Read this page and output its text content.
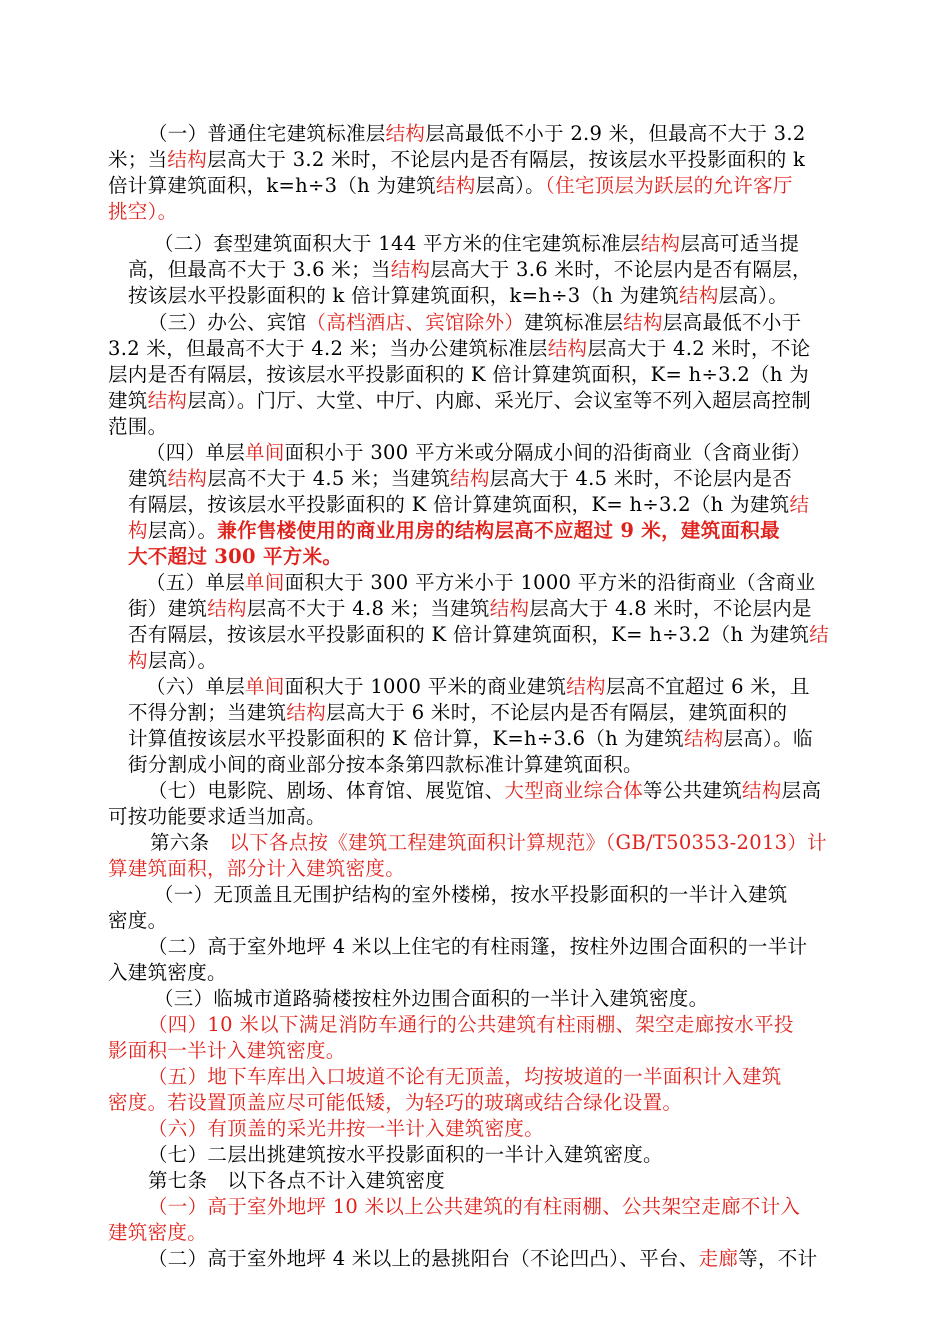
（一）普通住宅建筑标准层结构层高最低不小于 2.9 米，但最高不大于 3.2
米；当结构层高大于 3.2 米时，不论层内是否有隔层，按该层水平投影面积的 k
倍计算建筑面积，k=h÷3（h 为建筑结构层高）。（住宅顶层为跃层的允许客厅
挑空）。
（二）套型建筑面积大于 144 平方米的住宅建筑标准层结构层高可适当提
高，但最高不大于 3.6 米；当结构层高大于 3.6 米时，不论层内是否有隔层，
按该层水平投影面积的 k 倍计算建筑面积，k=h÷3（h 为建筑结构层高）。
（三）办公、宾馆（高档酒店、宾馆除外）建筑标准层结构层高最低不小于
3.2 米，但最高不大于 4.2 米；当办公建筑标准层结构层高大于 4.2 米时，不论
层内是否有隔层，按该层水平投影面积的 K 倍计算建筑面积，K= h÷3.2（h 为
建筑结构层高）。门厅、大堂、中厅、内廊、采光厅、会议室等不列入超层高控制
范围。
（四）单层单间面积小于 300 平方米或分隔成小间的沿街商业（含商业街）
建筑结构层高不大于 4.5 米；当建筑结构层高大于 4.5 米时，不论层内是否
有隔层，按该层水平投影面积的 K 倍计算建筑面积，K= h÷3.2（h 为建筑结
构层高）。兼作售楼使用的商业用房的结构层高不应超过 9 米，建筑面积最
大不超过 300 平方米。
（五）单层单间面积大于 300 平方米小于 1000 平方米的沿街商业（含商业
街）建筑结构层高不大于 4.8 米；当建筑结构层高大于 4.8 米时，不论层内是
否有隔层，按该层水平投影面积的 K 倍计算建筑面积，K= h÷3.2（h 为建筑结
构层高）。
（六）单层单间面积大于 1000 平米的商业建筑结构层高不宜超过 6 米，且
不得分割；当建筑结构层高大于 6 米时，不论层内是否有隔层，建筑面积的
计算值按该层水平投影面积的 K 倍计算，K=h÷3.6（h 为建筑结构层高）。临
街分割成小间的商业部分按本条第四款标准计算建筑面积。
（七）电影院、剧场、体育馆、展览馆、大型商业综合体等公共建筑结构层高
可按功能要求适当加高。
第六条　以下各点按《建筑工程建筑面积计算规范》（GB/T50353-2013）计
算建筑面积，部分计入建筑密度。
（一）无顶盖且无围护结构的室外楼梯，按水平投影面积的一半计入建筑
密度。
（二）高于室外地坪 4 米以上住宅的有柱雨篷，按柱外边围合面积的一半计
入建筑密度。
（三）临城市道路骑楼按柱外边围合面积的一半计入建筑密度。
（四）10 米以下满足消防车通行的公共建筑有柱雨棚、架空走廊按水平投
影面积一半计入建筑密度。
（五）地下车库出入口坡道不论有无顶盖，均按坡道的一半面积计入建筑
密度。若设置顶盖应尽可能低矮，为轻巧的玻璃或结合绿化设置。
（六）有顶盖的采光井按一半计入建筑密度。
（七）二层出挑建筑按水平投影面积的一半计入建筑密度。
第七条　以下各点不计入建筑密度
（一）高于室外地坪 10 米以上公共建筑的有柱雨棚、公共架空走廊不计入
建筑密度。
（二）高于室外地坪 4 米以上的悬挑阳台（不论凹凸）、平台、走廊等，不计
